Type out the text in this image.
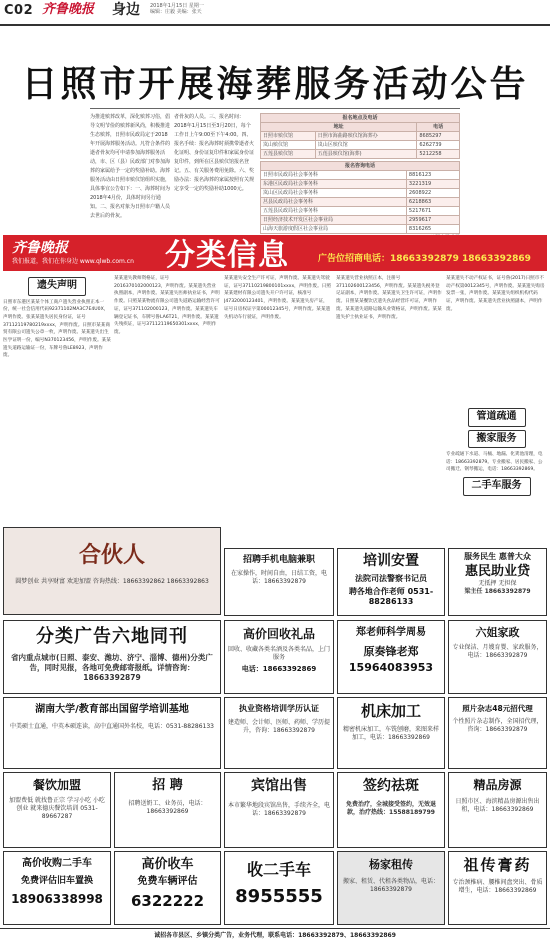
C02 齐鲁晚报 身边 2018年1月15日 星期一
编辑：庄毅 美编：张天
日照市开展海葬服务活动公告
为推进殡葬改革，深化殡葬习俗，倡导文明节俭的殡葬新风尚，积极推进生态殡葬，日照市民政局定于2018年开展海葬服务活动。凡符合条件的逝者骨灰均可申请参加海葬服务活动，市、区（县）民政部门对参加海葬的家属给予一定的奖励补助。海葬服务活动由日照市殡仪馆组织实施，具体事宜公告如下：一、海葬时间为2018年4月份，具体时间另行通知。二、报名对象为日照市户籍人员去世后的骨灰。
者骨灰的人员。三、报名时间：2018年1月15日至3月20日，每个工作日上午9:00至下午4:00。四、报名手续：报名海葬时须携带逝者火化证明、身份证复印件和家属身份证复印件，到所在区县殡仪馆报名登记。五、有关服务费用免除。六、奖励办法：报名海葬的家属按照有关规定享受一定的奖励补助1000元。
报名地点及电话		
地址		电话
日照市殡仪馆	日照市海曲路殡仪馆海葬办	8685297
岚山殡仪馆	岚山区殡仪馆	6262739
五莲县殡仪馆	五莲县殡仪馆(海葬)	5212258
报名咨询电话	
日照市民政局社会事务科	8816123
东港区民政局社会事务科	3221319
岚山区民政局社会事务科	2608922
莒县民政局社会事务科	6218863
五莲县民政局社会事务科	5217671
日照经济技术开发区社会事业局	2959617
山海天旅游度假区社会事业局	8316265
齐鲁晚报
我们报道，我们在你身边 www.qlwb.com.cn 分类信息	广告位招商电话：18663392879 18663392869
遗失声明
日照市东港区某某个体工商户遗失营业执照正本一份，统一社会信用代码92371102MA3C7E4U0X，声明作废。张某某遗失居民身份证，证号37112119780219xxxx，声明作废。日照市某某商贸有限公司遗失公章一枚，声明作废。某某遗失出生医学证明一份，编号N370123456，声明作废。某某遗失道路运输证一份，车牌号鲁LE8923，声明作废。
某某遗失教师资格证，证号2016370102000123，声明作废。某某遗失营业执照副本，声明作废。某某遗失医师执业证书，声明作废。日照某某物流有限公司遗失道路运输经营许可证，证号371102000123，声明作废。某某遗失车辆登记证书，车牌号鲁LA6T21，声明作废。某某遗失残疾证，证号37112119650301xxxx，声明作废。
某某遗失安全生产许可证，声明作废。某某遗失驾驶证，证号37110219800101xxxx，声明作废。日照某某建材有限公司遗失开户许可证，核准号J4732000123401，声明作废。某某遗失房产证，证号日房权证字第00012345号，声明作废。某某遗失机动车行驶证，声明作废。
某某遗失营业执照正本，注册号371102600123456，声明作废。某某遗失税务登记证副本，声明作废。某某遗失卫生许可证，声明作废。日照某某餐饮店遗失食品经营许可证，声明作废。某某遗失道路运输从业资格证，声明作废。某某遗失护士执业证书，声明作废。
某某遗失不动产权证书，证号鲁(2017)日照市不动产权第0012345号，声明作废。某某遗失购房发票一张，声明作废。某某遗失组织机构代码证，声明作废。某某遗失营业执照副本，声明作废。
管道疏通
搬家服务
专业疏通下水道、马桶、地漏、化粪池清理，电话：18663392879。专业搬家、居民搬家、公司搬迁、钢琴搬运，电话：18663392869。
二手车服务
合伙人
圆梦创业 共享财富 欢迎加盟 咨询热线：18663392862 18663392863
招聘手机电脑兼职
在家操作，时间自由，日结工资，电话：18663392879
培训安置
法院司法警察书记员
聘各地合作老师 0531-88286133
服务民生 惠普大众
惠民助业贷
无抵押 无担保
梁主任 18663392879
分类广告六地同刊
省内重点城市(日照、泰安、潍坊、济宁、淄博、德州)分类广告，同时见报，各地可免费邮寄报纸。详情咨询：18663392879
高价回收礼品
回收、收藏各类名酒及各类名品，上门服务
电话：18663392869
郑老师科学周易
原奏锋老郑
15964083953
六姐家政
专业保洁、月嫂育婴、家政服务，电话：18663392879
湖南大学/教育部出国留学培训基地
中美硕士直通，中英本硕连读，高中直通国外名校，电话：0531-88286133
执业资格培训学历认证
建造师、会计师、医师、药师、学历提升，咨询：18663392879
机床加工
精密机床加工，车铣刨磨，来图来样加工，电话：18663392869
照片杂志48元招代理
个性照片杂志制作，全国招代理，咨询：18663392879
餐饮加盟
加盟费低 就找鲁正宗 学习小吃 小吃创业 就来德庆餐饮培训 0531-89667287
招 聘
招聘送奶工、业务员，电话：18663392869
宾馆出售
本市繁华地段宾馆出售，手续齐全，电话：18663392879
签约祛斑
免费治疗，全城接受签约，无效退款，治疗热线：15588189799
精品房源
日照市区、海滨精品房源出售出租，电话：18663392869
高价收购二手车
免费评估旧车置换
18906338998
高价收车
免费车辆评估
6322222
收二手车
8955555
杨家租传
搬家、租赁、代租各类物品，电话：18663392879
祖传膏药
专治颈椎病、腰椎间盘突出、骨质增生，电话：18663392869
诚招各市县区、乡镇分类广告，业务代理，联系电话：18663392879、18663392869
